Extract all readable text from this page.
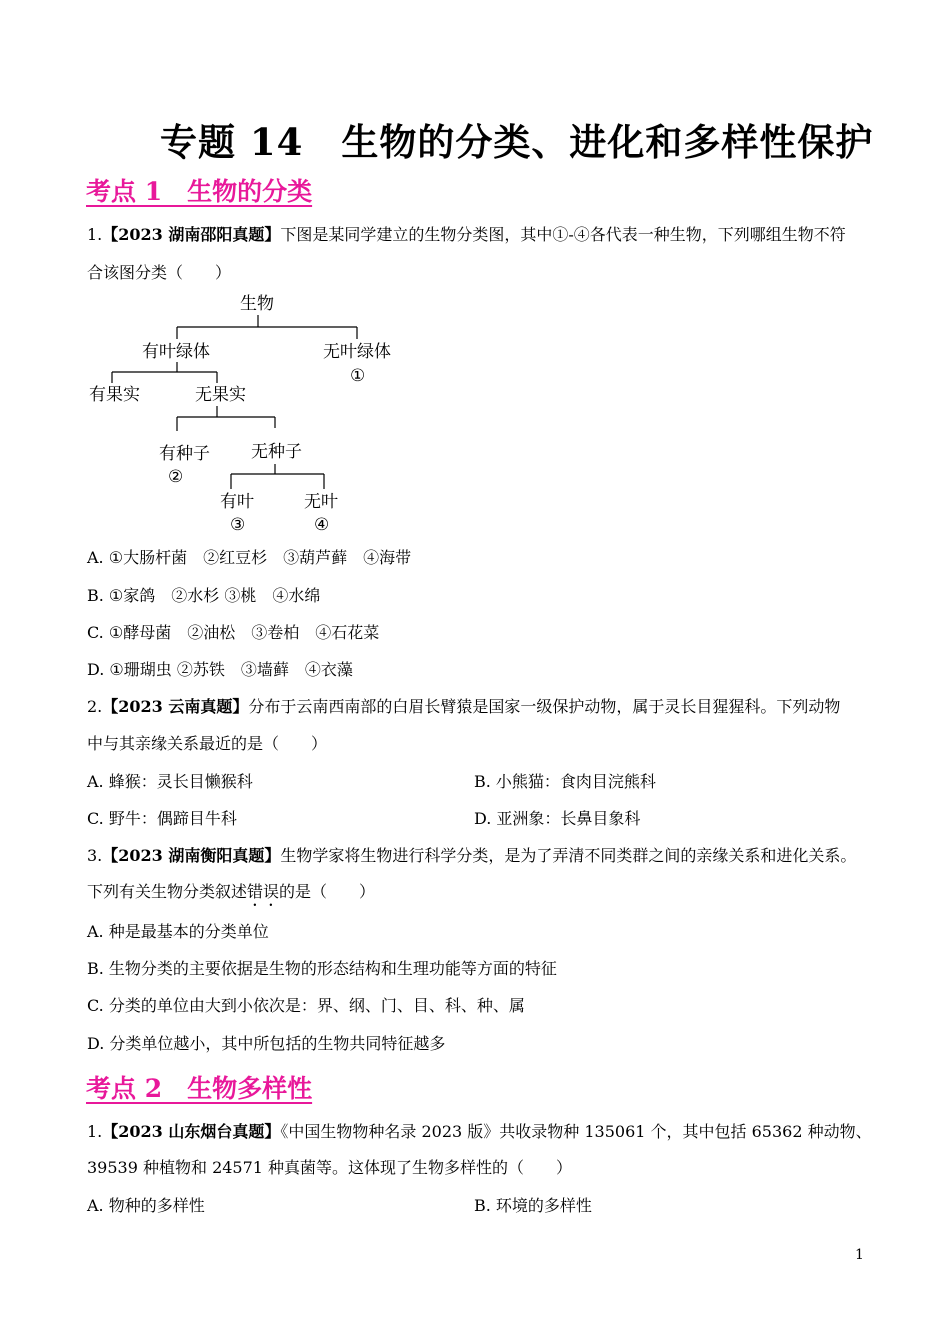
专题 14　生物的分类、进化和多样性保护
考点 1　生物的分类
1.【2023 湖南邵阳真题】下图是某同学建立的生物分类图，其中①-④各代表一种生物，下列哪组生物不符
合该图分类（　　）
生物
有叶绿体	无叶绿体
①
有果实	无果实
有种子
②
无种子
有叶
③
无叶
④
A. ①大肠杆菌　②红豆杉　③葫芦藓　④海带
B. ①家鸽　②水杉 ③桃　④水绵
C. ①酵母菌　②油松　③卷柏　④石花菜
D. ①珊瑚虫 ②苏铁　③墙藓　④衣藻
2.【2023 云南真题】分布于云南西南部的白眉长臂猿是国家一级保护动物，属于灵长目猩猩科。下列动物
中与其亲缘关系最近的是（　　）
A. 蜂猴：灵长目懒猴科	B. 小熊猫：食肉目浣熊科
C. 野牛：偶蹄目牛科	D. 亚洲象：长鼻目象科
3.【2023 湖南衡阳真题】生物学家将生物进行科学分类，是为了弄清不同类群之间的亲缘关系和进化关系。
下列有关生物分类叙述错误的是（　　）
A. 种是最基本的分类单位
B. 生物分类的主要依据是生物的形态结构和生理功能等方面的特征
C. 分类的单位由大到小依次是：界、纲、门、目、科、种、属
D. 分类单位越小，其中所包括的生物共同特征越多
考点 2　生物多样性
1.【2023 山东烟台真题】《中国生物物种名录 2023 版》共收录物种 135061 个，其中包括 65362 种动物、
39539 种植物和 24571 种真菌等。这体现了生物多样性的（　　）
A. 物种的多样性	B. 环境的多样性
1
